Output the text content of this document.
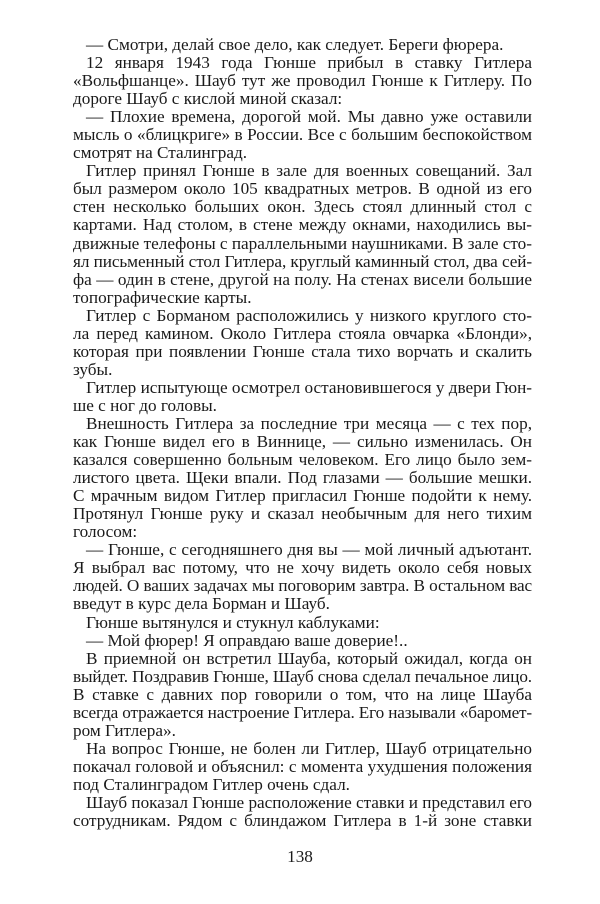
— Смотри, делай свое дело, как следует. Береги фюрера.
12 января 1943 года Гюнше прибыл в ставку Гитлера
«Вольфшанце». Шауб тут же проводил Гюнше к Гитлеру. По
дороге Шауб с кислой миной сказал:
— Плохие времена, дорогой мой. Мы давно уже оставили
мысль о «блицкриге» в России. Все с большим беспокойством
смотрят на Сталинград.
Гитлер принял Гюнше в зале для военных совещаний. Зал
был размером около 105 квадратных метров. В одной из его
стен несколько больших окон. Здесь стоял длинный стол с
картами. Над столом, в стене между окнами, находились вы-
движные телефоны с параллельными наушниками. В зале сто-
ял письменный стол Гитлера, круглый каминный стол, два сей-
фа — один в стене, другой на полу. На стенах висели большие
топографические карты.
Гитлер с Борманом расположились у низкого круглого сто-
ла перед камином. Около Гитлера стояла овчарка «Блонди»,
которая при появлении Гюнше стала тихо ворчать и скалить
зубы.
Гитлер испытующе осмотрел остановившегося у двери Гюн-
ше с ног до головы.
Внешность Гитлера за последние три месяца — с тех пор,
как Гюнше видел его в Виннице, — сильно изменилась. Он
казался совершенно больным человеком. Его лицо было зем-
листого цвета. Щеки впали. Под глазами — большие мешки.
С мрачным видом Гитлер пригласил Гюнше подойти к нему.
Протянул Гюнше руку и сказал необычным для него тихим
голосом:
— Гюнше, с сегодняшнего дня вы — мой личный адъютант.
Я выбрал вас потому, что не хочу видеть около себя новых
людей. О ваших задачах мы поговорим завтра. В остальном вас
введут в курс дела Борман и Шауб.
Гюнше вытянулся и стукнул каблуками:
— Мой фюрер! Я оправдаю ваше доверие!..
В приемной он встретил Шауба, который ожидал, когда он
выйдет. Поздравив Гюнше, Шауб снова сделал печальное лицо.
В ставке с давних пор говорили о том, что на лице Шауба
всегда отражается настроение Гитлера. Его называли «баромет-
ром Гитлера».
На вопрос Гюнше, не болен ли Гитлер, Шауб отрицательно
покачал головой и объяснил: с момента ухудшения положения
под Сталинградом Гитлер очень сдал.
Шауб показал Гюнше расположение ставки и представил его
сотрудникам. Рядом с блиндажом Гитлера в 1-й зоне ставки
138
